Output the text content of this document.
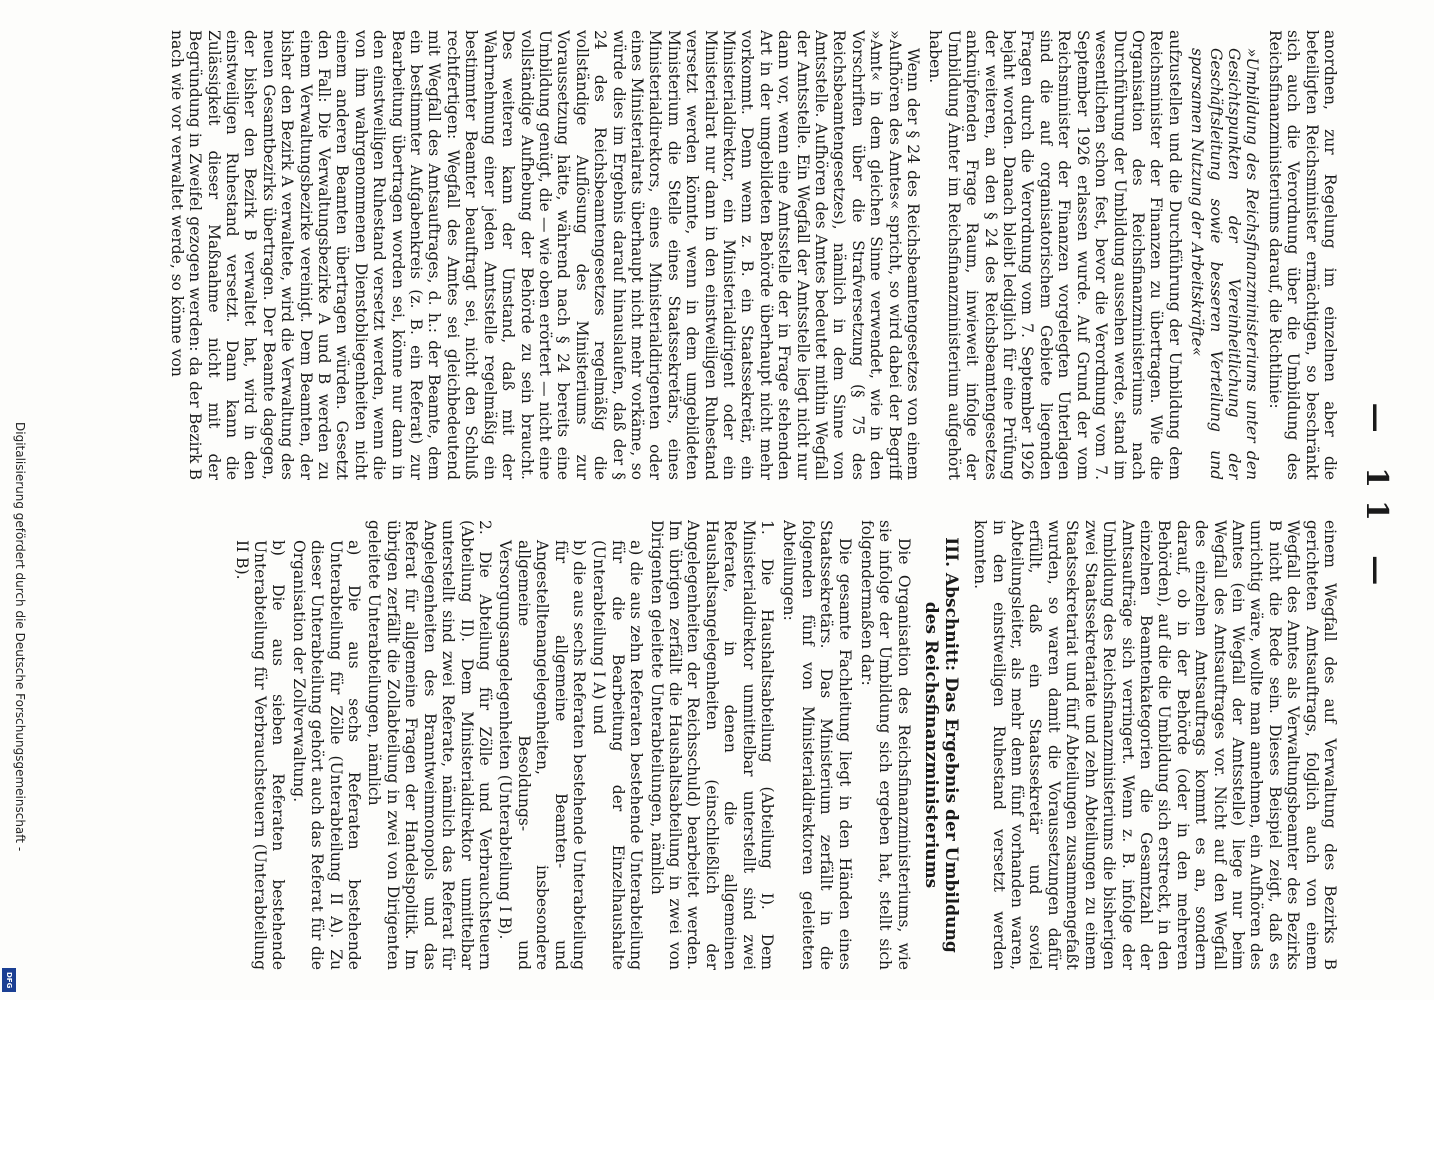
— 11 —

anordnen, zur Regelung im einzelnen aber die beteiligten Reichsminister ermächtigen, so beschränkt sich auch die Verordnung über die Umbildung des Reichsfinanzministeriums darauf, die Richtlinie:

»Umbildung des Reichsfinanzministeriums unter den Gesichtspunkten der Vereinheitlichung der Geschäftsleitung sowie besseren Verteilung und sparsamen Nutzung der Arbeitskräfte«

aufzustellen und die Durchführung der Umbildung dem Reichsminister der Finanzen zu übertragen. Wie die Organisation des Reichsfinanzministeriums nach Durchführung der Umbildung aussehen werde, stand im wesentlichen schon fest, bevor die Verordnung vom 7. September 1926 erlassen wurde. Auf Grund der vom Reichsminister der Finanzen vorgelegten Unterlagen sind die auf organisatorischem Gebiete liegenden Fragen durch die Verordnung vom 7. September 1926 bejaht worden. Danach bleibt lediglich für eine Prüfung der weiteren, an den § 24 des Reichsbeamtengesetzes anknüpfenden Frage Raum, inwieweit infolge der Umbildung Ämter im Reichsfinanzministerium aufgehört haben.

Wenn der § 24 des Reichsbeamtengesetzes von einem »Aufhören des Amtes« spricht, so wird dabei der Begriff »Amt« in dem gleichen Sinne verwendet, wie in den Vorschriften über die Strafversetzung (§ 75 des Reichsbeamtengesetzes), nämlich in dem Sinne von Amtsstelle. Aufhören des Amtes bedeutet mithin Wegfall der Amtsstelle. Ein Wegfall der Amtsstelle liegt nicht nur dann vor, wenn eine Amtsstelle der in Frage stehenden Art in der umgebildeten Behörde überhaupt nicht mehr vorkommt. Denn wenn z. B. ein Staatssekretär, ein Ministerialdirektor, ein Ministerialdirigent oder ein Ministerialrat nur dann in den einstweiligen Ruhestand versetzt werden könnte, wenn in dem umgebildeten Ministerium die Stelle eines Staatssekretärs, eines Ministerialdirektors, eines Ministerialdirigenten oder eines Ministerialrats überhaupt nicht mehr vorkäme, so würde dies im Ergebnis darauf hinauslaufen, daß der § 24 des Reichsbeamtengesetzes regelmäßig die vollständige Auflösung des Ministeriums zur Voraussetzung hätte, während nach § 24 bereits eine Umbildung genügt, die — wie oben erörtert — nicht eine vollständige Aufhebung der Behörde zu sein braucht. Des weiteren kann der Umstand, daß mit der Wahrnehmung einer jeden Amtsstelle regelmäßig ein bestimmter Beamter beauftragt sei, nicht den Schluß rechtfertigen: Wegfall des Amtes sei gleichbedeutend mit Wegfall des Amtsauftrages, d. h.: der Beamte, dem ein bestimmter Aufgabenkreis (z. B. ein Referat) zur Bearbeitung übertragen worden sei, könne nur dann in den einstweiligen Ruhestand versetzt werden, wenn die von ihm wahrgenommenen Dienstobliegenheiten nicht einem anderen Beamten übertragen würden. Gesetzt den Fall: Die Verwaltungsbezirke A und B werden zu einem Verwaltungsbezirke vereinigt. Dem Beamten, der bisher den Bezirk A verwaltete, wird die Verwaltung des neuen Gesamtbezirks übertragen. Der Beamte dagegen, der bisher den Bezirk B verwaltet hat, wird in den einstweiligen Ruhestand versetzt. Dann kann die Zulässigkeit dieser Maßnahme nicht mit der Begründung in Zweifel gezogen werden: da der Bezirk B nach wie vor verwaltet werde, so könne von

einem Wegfall des auf Verwaltung des Bezirks B gerichteten Amtsauftrags, folglich auch von einem Wegfall des Amtes als Verwaltungsbeamter des Bezirks B nicht die Rede sein. Dieses Beispiel zeigt, daß es unrichtig wäre, wollte man annehmen, ein Aufhören des Amtes (ein Wegfall der Amtsstelle) liege nur beim Wegfall des Amtsauftrages vor. Nicht auf den Wegfall des einzelnen Amtsauftrags kommt es an, sondern darauf, ob in der Behörde (oder in den mehreren Behörden), auf die die Umbildung sich erstreckt, in den einzelnen Beamtenkategorien die Gesamtzahl der Amtsaufträge sich verringert. Wenn z. B. infolge der Umbildung des Reichsfinanzministeriums die bisherigen zwei Staatssekretariate und zehn Abteilungen zu einem Staatssekretariat und fünf Abteilungen zusammengefaßt wurden, so waren damit die Voraussetzungen dafür erfüllt, daß ein Staatssekretär und soviel Abteilungsleiter, als mehr denn fünf vorhanden waren, in den einstweiligen Ruhestand versetzt werden konnten.

III. Abschnitt: Das Ergebnis der Umbildung des Reichsfinanzministeriums

Die Organisation des Reichsfinanzministeriums, wie sie infolge der Umbildung sich ergeben hat, stellt sich folgendermaßen dar:

Die gesamte Fachleitung liegt in den Händen eines Staatssekretärs. Das Ministerium zerfällt in die folgenden fünf von Ministerialdirektoren geleiteten Abteilungen:

1. Die Haushaltsabteilung (Abteilung I). Dem Ministerialdirektor unmittelbar unterstellt sind zwei Referate, in denen die allgemeinen Haushaltsangelegenheiten (einschließlich der Angelegenheiten der Reichsschuld) bearbeitet werden. Im übrigen zerfällt die Haushaltsabteilung in zwei von Dirigenten geleitete Unterabteilungen, nämlich
a) die aus zehn Referaten bestehende Unterabteilung für die Bearbeitung der Einzelhaushalte (Unterabteilung I A) und
b) die aus sechs Referaten bestehende Unterabteilung für allgemeine Beamten- und Angestelltenangelegenheiten, insbesondere allgemeine Besoldungs- und Versorgungsangelegenheiten (Unterabteilung I B).
2. Die Abteilung für Zölle und Verbrauchsteuern (Abteilung II). Dem Ministerialdirektor unmittelbar unterstellt sind zwei Referate, nämlich das Referat für Angelegenheiten des Branntweinmonopols und das Referat für allgemeine Fragen der Handelspolitik. Im übrigen zerfällt die Zollabteilung in zwei von Dirigenten geleitete Unterabteilungen, nämlich
a) Die aus sechs Referaten bestehende Unterabteilung für Zölle (Unterabteilung II A). Zu dieser Unterabteilung gehört auch das Referat für die Organisation der Zollverwaltung.
b) Die aus sieben Referaten bestehende Unterabteilung für Verbrauchsteuern (Unterabteilung II B).
Digitalisierung gefördert durch die Deutsche Forschungsgemeinschaft -
DFG
